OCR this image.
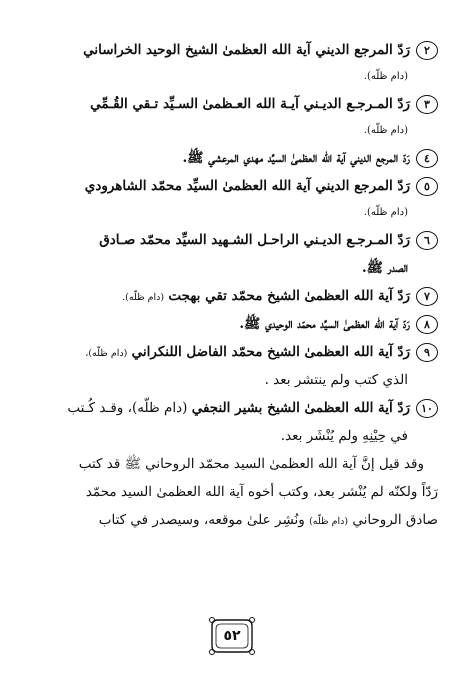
٢رَدّ المرجع الديني آية الله العظمىٰ الشيخ الوحيد الخراساني
(دام ظلّه).
٣رَدّ المـرجـع الديـني آيـة الله العـظمىٰ السـيِّد تـقي القُـمِّي
(دام ظلّه).
٤رَدّ المرجع الديني آية الله العظمىٰ السيِّد مهدي المرعشي ﷺ.
٥رَدّ المرجع الديني آية الله العظمىٰ السيِّد محمّد الشاهرودي
(دام ظلّه).
٦رَدّ المـرجـع الديـني الراحـل الشـهيد السيِّد محمّد صـادق
الصدر ﷺ.
٧رَدّ آية الله العظمىٰ الشيخ محمّد تقي بهجت (دام ظلّه).
٨رَدّ آية الله العظمىٰ السيِّد محمّد الوحيدي ﷺ.
٩رَدّ آية الله العظمىٰ الشيخ محمّد الفاضل اللنكراني (دام ظلّه)،
الذي كتب ولم ينتشر بعد .
١٠رَدّ آية الله العظمىٰ الشيخ بشير النجفي (دام ظلّه)، وقـد كُـتب
في حِيْنِهِ ولم يُنْشَر بعد.
وقد قيل إنَّ آية الله العظمىٰ السيد محمّد الروحاني ﷺ قد كتب
رَدّاً ولكنّه لم يُنْشر بعد، وكتب أخوه آية الله العظمىٰ السيد محمّد
صادق الروحاني (دام ظلّه) ونُشِر علىٰ موقعه، وسيصدر في كتاب
٥٢
